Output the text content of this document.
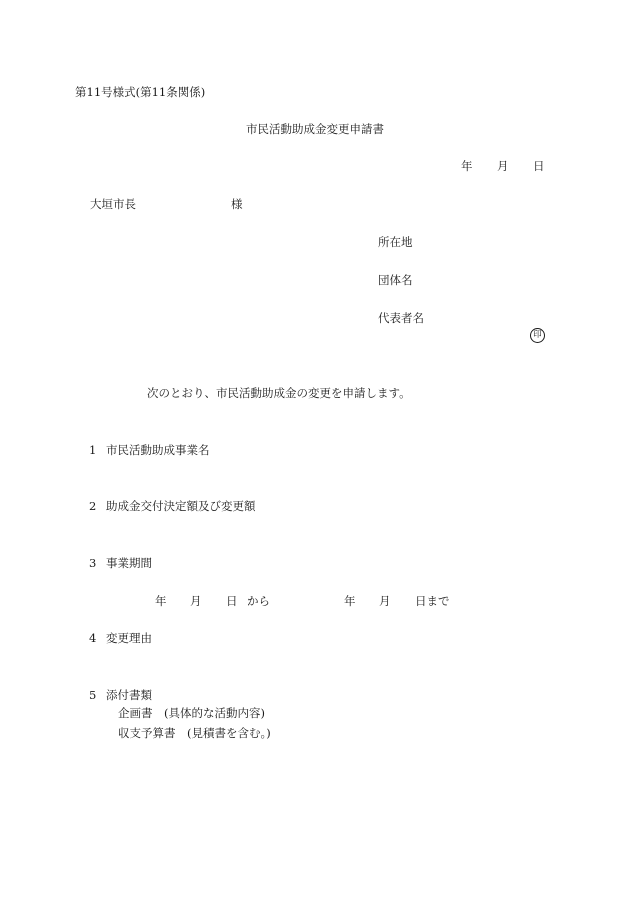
第11号様式(第11条関係)
市民活動助成金変更申請書
年 月 日
大垣市長	様
所在地
団体名
代表者名
印
次のとおり、市民活動助成金の変更を申請します。
1 市民活動助成事業名
2 助成金交付決定額及び変更額
3 事業期間
年 月 日 から	年 月 日まで
4 変更理由
5 添付書類
企画書　(具体的な活動内容)
収支予算書　(見積書を含む。)
